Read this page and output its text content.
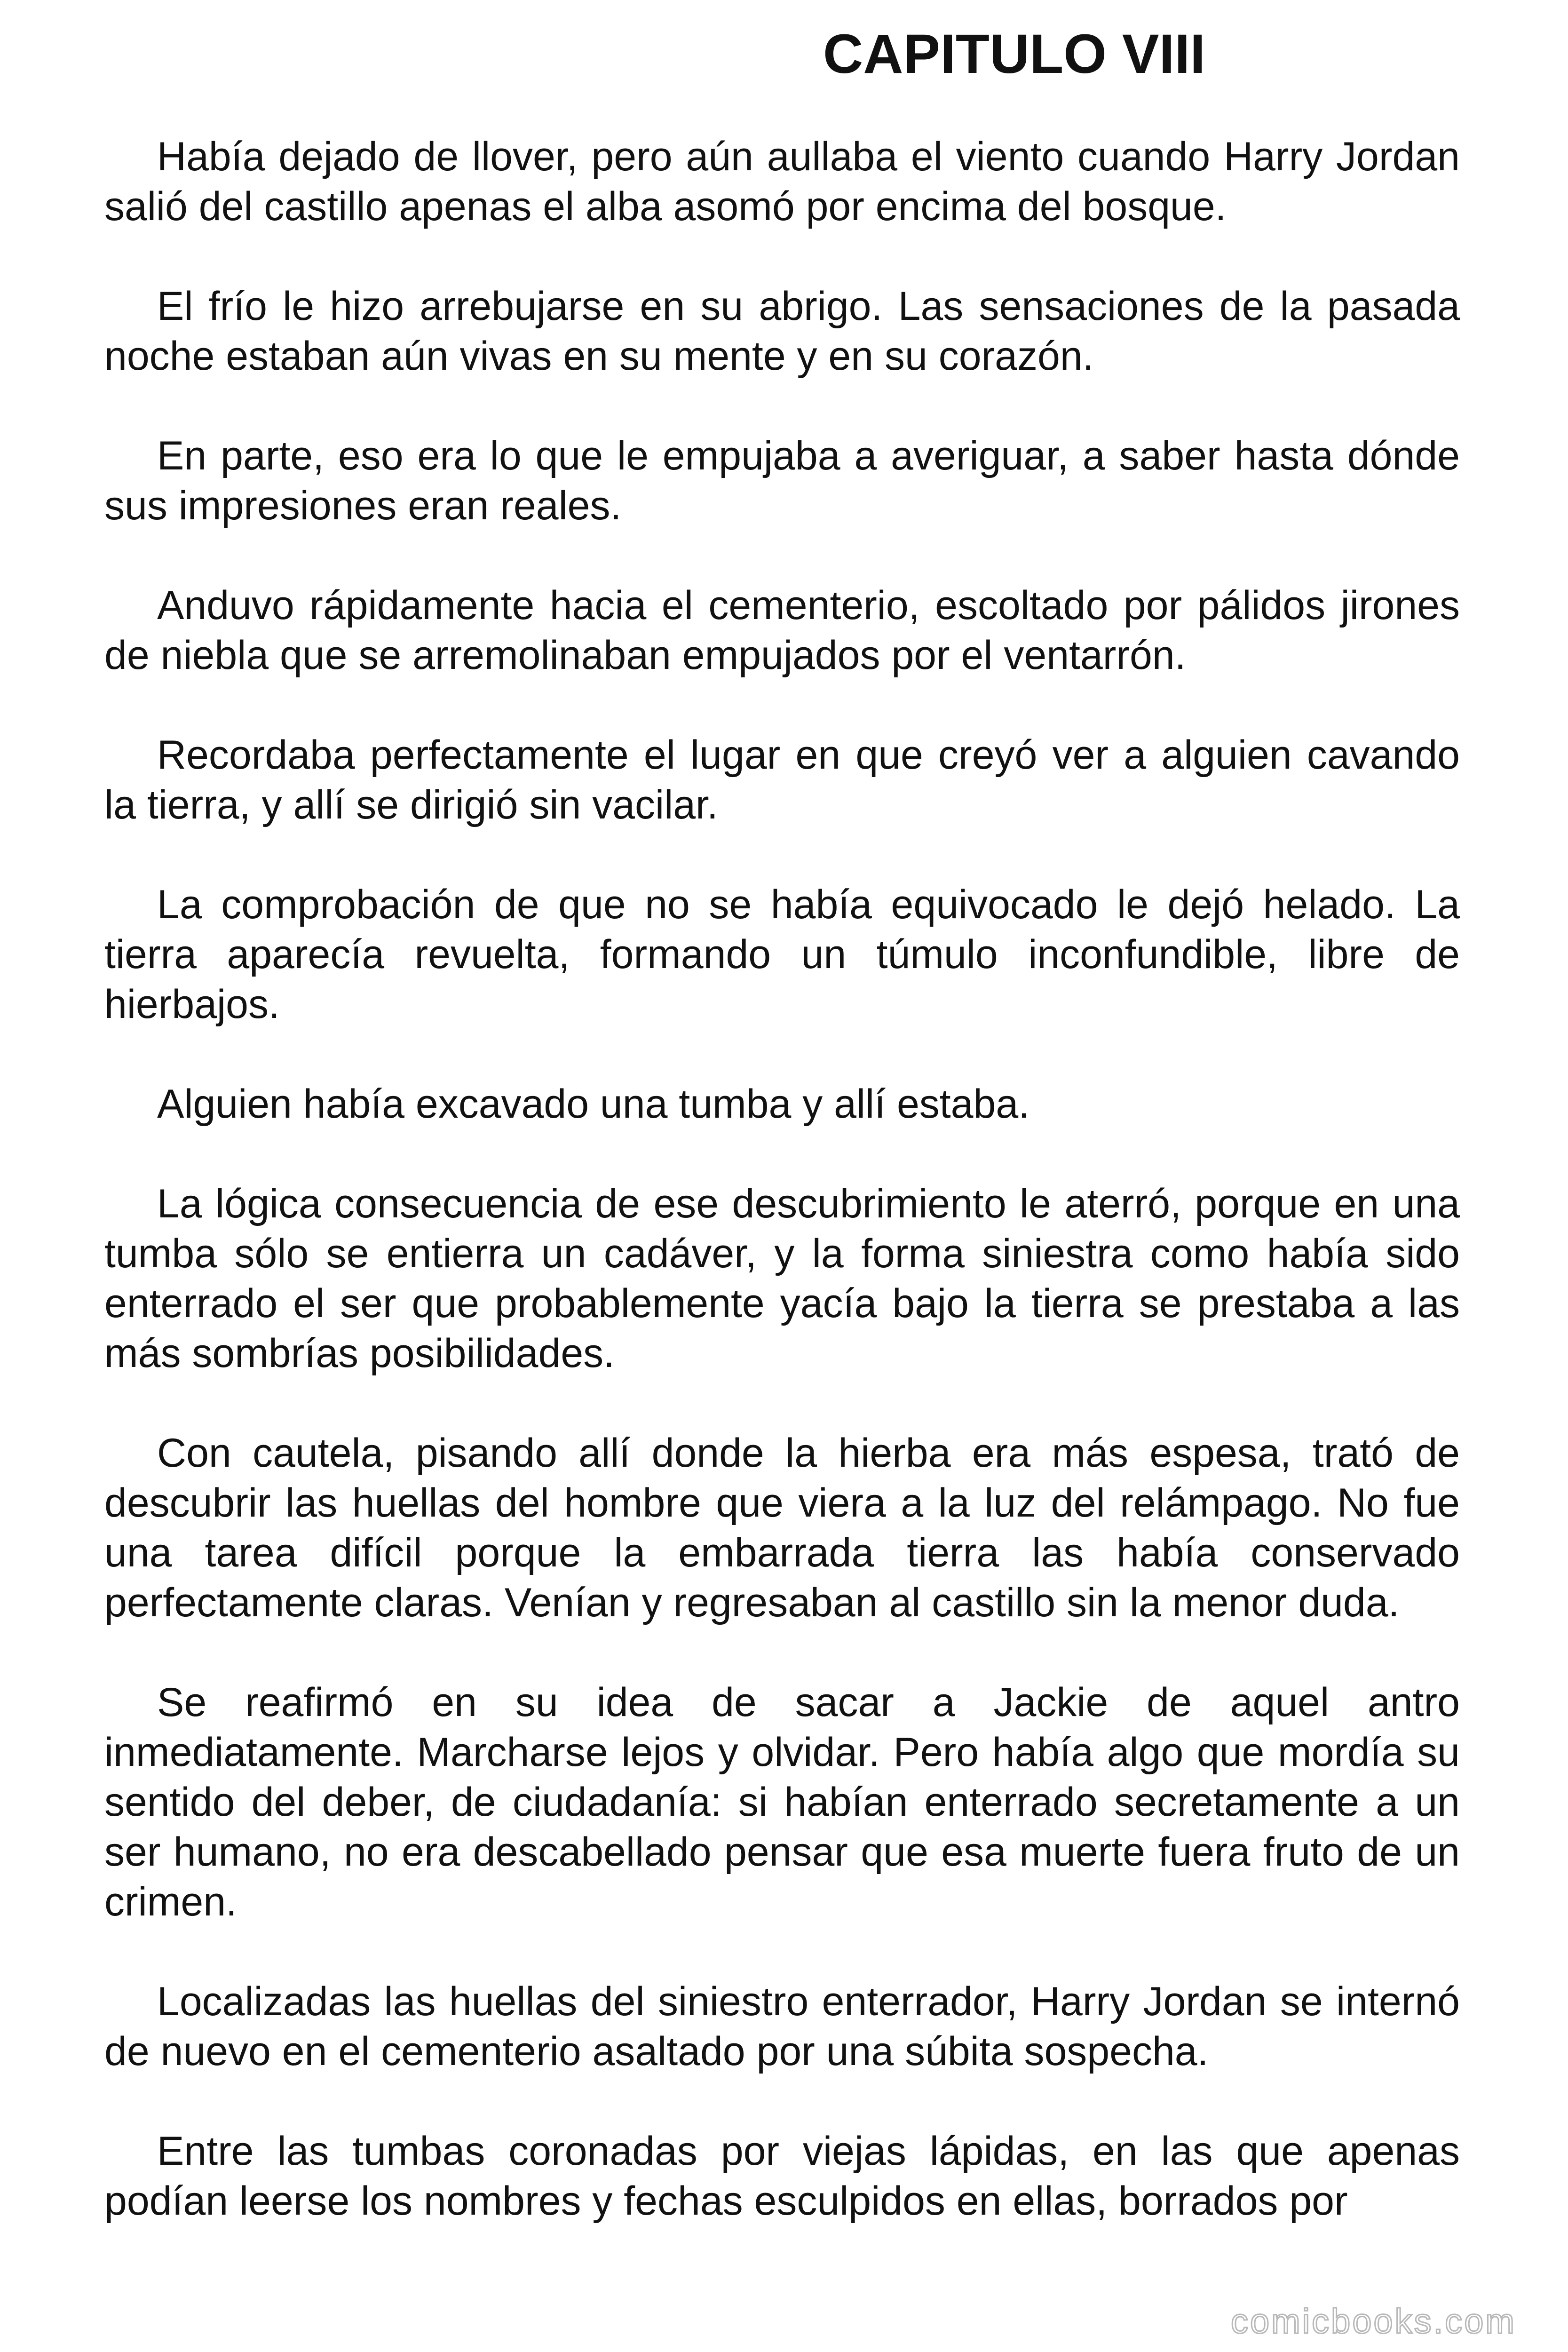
CAPITULO VIII

Había dejado de llover, pero aún aullaba el viento cuando Harry Jordan salió del castillo apenas el alba asomó por encima del bosque.

El frío le hizo arrebujarse en su abrigo. Las sensaciones de la pasada noche estaban aún vivas en su mente y en su corazón.

En parte, eso era lo que le empujaba a averiguar, a saber hasta dónde sus impresiones eran reales.

Anduvo rápidamente hacia el cementerio, escoltado por pálidos jirones de niebla que se arremolinaban empujados por el ventarrón.

Recordaba perfectamente el lugar en que creyó ver a alguien cavando la tierra, y allí se dirigió sin vacilar.

La comprobación de que no se había equivocado le dejó helado. La tierra aparecía revuelta, formando un túmulo inconfundible, libre de hierbajos.

Alguien había excavado una tumba y allí estaba.

La lógica consecuencia de ese descubrimiento le aterró, porque en una tumba sólo se entierra un cadáver, y la forma siniestra como había sido enterrado el ser que probablemente yacía bajo la tierra se prestaba a las más sombrías posibilidades.

Con cautela, pisando allí donde la hierba era más espesa, trató de descubrir las huellas del hombre que viera a la luz del relámpago. No fue una tarea difícil porque la embarrada tierra las había conservado perfectamente claras. Venían y regresaban al castillo sin la menor duda.

Se reafirmó en su idea de sacar a Jackie de aquel antro inmediatamente. Marcharse lejos y olvidar. Pero había algo que mordía su sentido del deber, de ciudadanía: si habían enterrado secretamente a un ser humano, no era descabellado pensar que esa muerte fuera fruto de un crimen.

Localizadas las huellas del siniestro enterrador, Harry Jordan se internó de nuevo en el cementerio asaltado por una súbita sospecha.

Entre las tumbas coronadas por viejas lápidas, en las que apenas podían leerse los nombres y fechas esculpidos en ellas, borrados por

comicbooks.com
